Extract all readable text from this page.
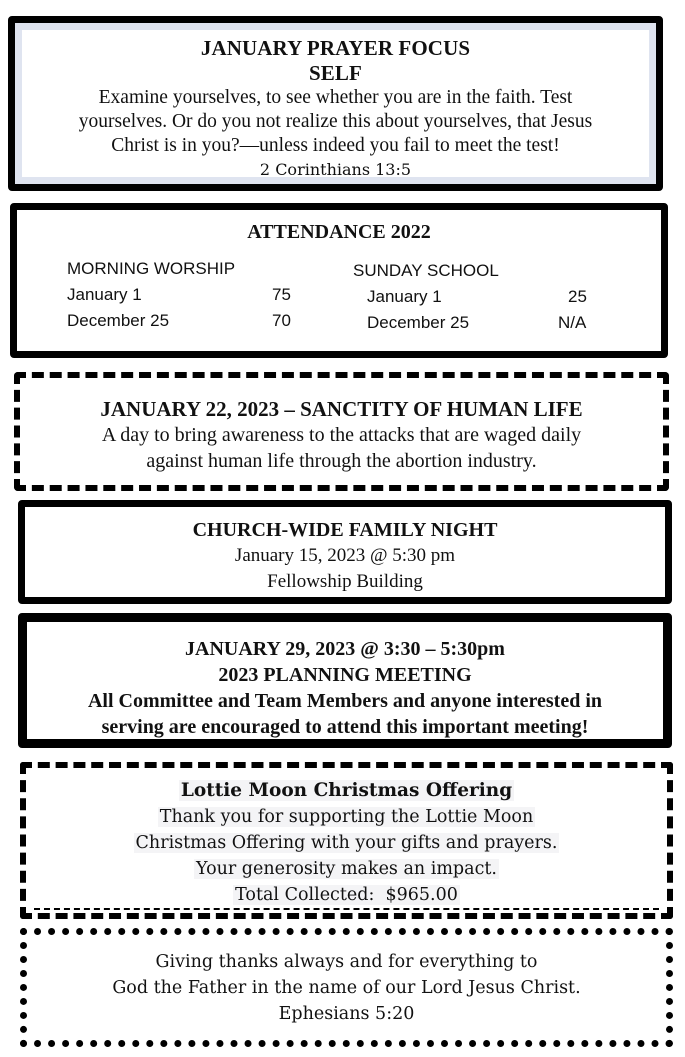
JANUARY PRAYER FOCUS
SELF
Examine yourselves, to see whether you are in the faith. Test
yourselves. Or do you not realize this about yourselves, that Jesus
Christ is in you?—unless indeed you fail to meet the test!
2 Corinthians 13:5
ATTENDANCE 2022
MORNING WORSHIP
January 1	75
December 25	70
SUNDAY SCHOOL
January 1	25
December 25	N/A
JANUARY 22, 2023 – SANCTITY OF HUMAN LIFE
A day to bring awareness to the attacks that are waged daily
against human life through the abortion industry.
CHURCH-WIDE FAMILY NIGHT
January 15, 2023 @ 5:30 pm
Fellowship Building
JANUARY 29, 2023 @ 3:30 – 5:30pm
2023 PLANNING MEETING
All Committee and Team Members and anyone interested in
serving are encouraged to attend this important meeting!
Lottie Moon Christmas Offering
Thank you for supporting the Lottie Moon
Christmas Offering with your gifts and prayers.
Your generosity makes an impact.
Total Collected: $965.00
Giving thanks always and for everything to
God the Father in the name of our Lord Jesus Christ.
Ephesians 5:20
